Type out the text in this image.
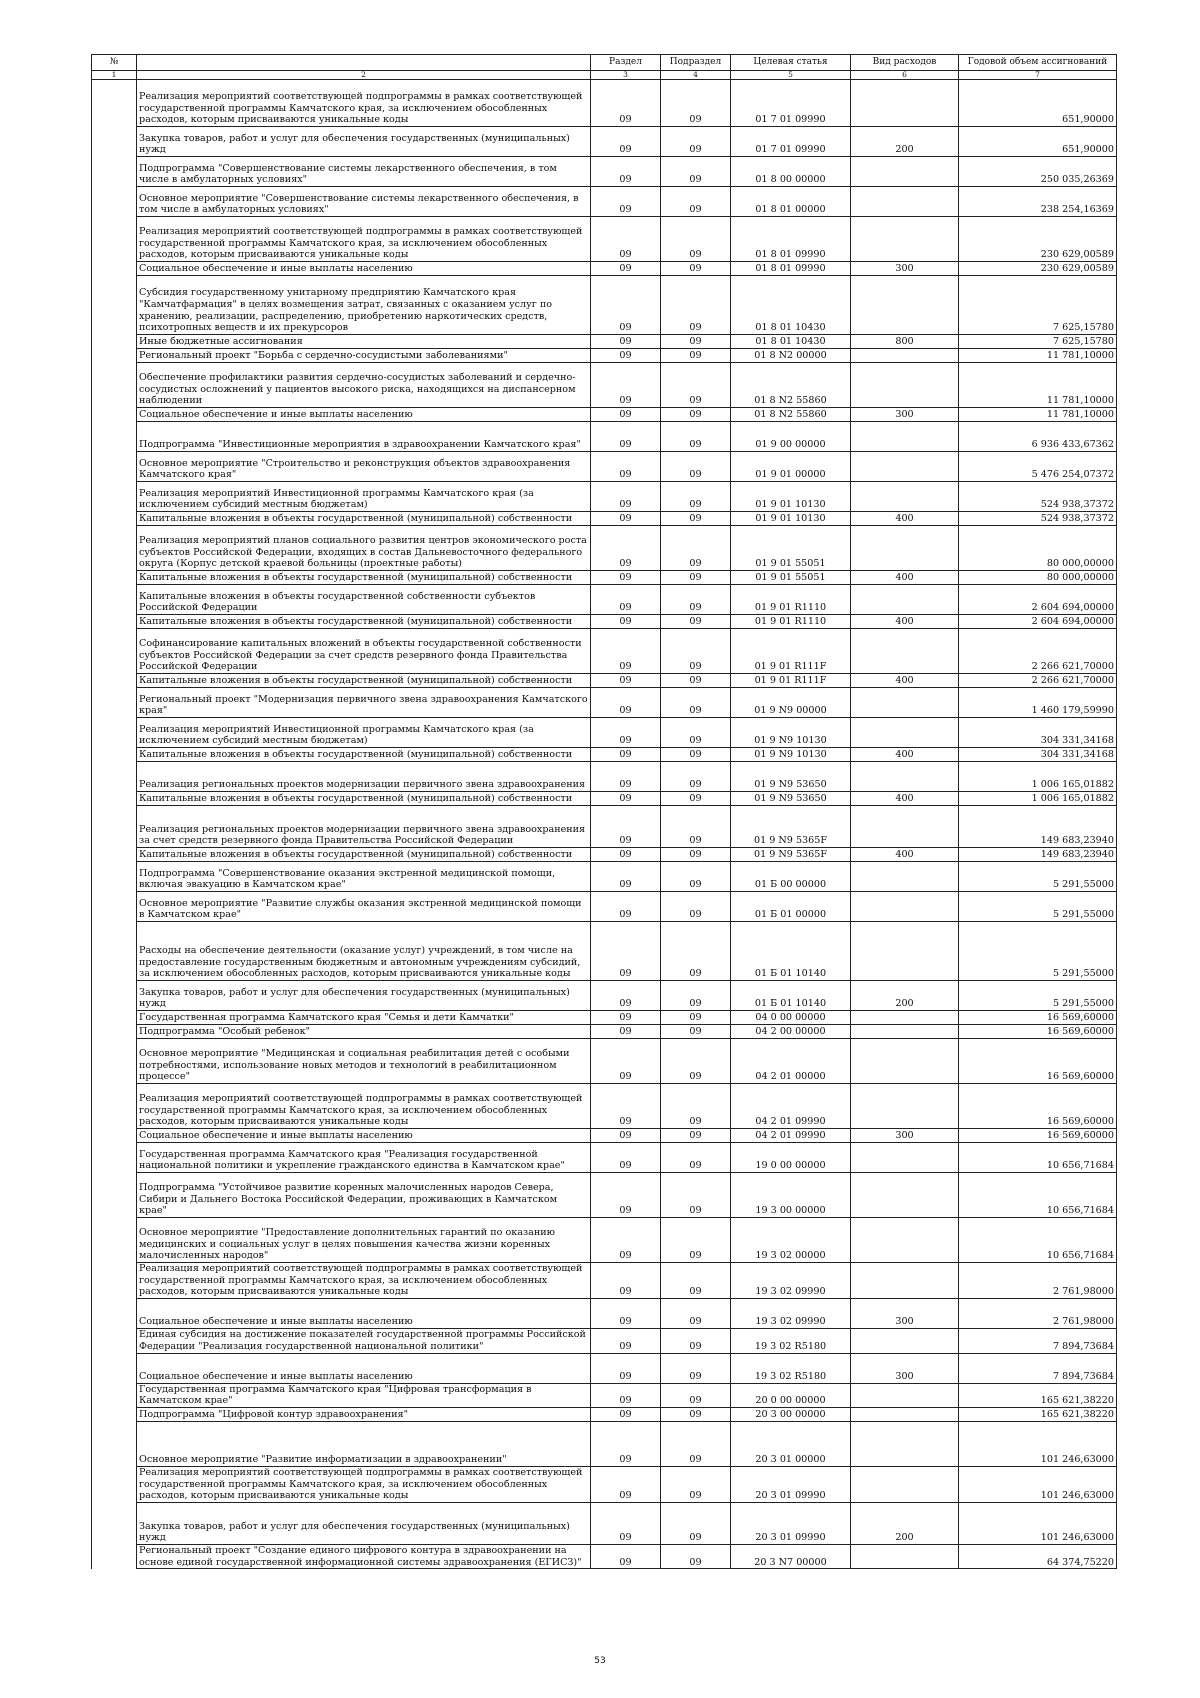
№		Раздел	Подраздел	Целевая статья	Вид расходов	Годовой объем ассигнований
1	2	3	4	5	6	7
	Реализация мероприятий соответствующей подпрограммы в рамках соответствующей государственной программы Камчатского края, за исключением обособленных расходов, которым присваиваются уникальные коды	09	09	01 7 01 09990		651,90000
	Закупка товаров, работ и услуг для обеспечения государственных (муниципальных) нужд	09	09	01 7 01 09990	200	651,90000
	Подпрограмма "Совершенствование системы лекарственного обеспечения, в том числе в амбулаторных условиях"	09	09	01 8 00 00000		250 035,26369
	Основное мероприятие "Совершенствование системы лекарственного обеспечения, в том числе в амбулаторных условиях"	09	09	01 8 01 00000		238 254,16369
	Реализация мероприятий соответствующей подпрограммы в рамках соответствующей государственной программы Камчатского края, за исключением обособленных расходов, которым присваиваются уникальные коды	09	09	01 8 01 09990		230 629,00589
	Социальное обеспечение и иные выплаты населению	09	09	01 8 01 09990	300	230 629,00589
	Субсидия государственному унитарному предприятию Камчатского края "Камчатфармация" в целях возмещения затрат, связанных с оказанием услуг по хранению, реализации, распределению, приобретению наркотических средств, психотропных веществ и их прекурсоров	09	09	01 8 01 10430		7 625,15780
	Иные бюджетные ассигнования	09	09	01 8 01 10430	800	7 625,15780
	Региональный проект "Борьба с сердечно-сосудистыми заболеваниями"	09	09	01 8 N2 00000		11 781,10000
	Обеспечение профилактики развития сердечно-сосудистых заболеваний и сердечно-сосудистых осложнений у пациентов высокого риска, находящихся на диспансерном наблюдении	09	09	01 8 N2 55860		11 781,10000
	Социальное обеспечение и иные выплаты населению	09	09	01 8 N2 55860	300	11 781,10000
	Подпрограмма "Инвестиционные мероприятия в здравоохранении Камчатского края"	09	09	01 9 00 00000		6 936 433,67362
	Основное мероприятие "Строительство и реконструкция объектов здравоохранения Камчатского края"	09	09	01 9 01 00000		5 476 254,07372
	Реализация мероприятий Инвестиционной программы Камчатского края (за исключением субсидий местным бюджетам)	09	09	01 9 01 10130		524 938,37372
	Капитальные вложения в объекты государственной (муниципальной) собственности	09	09	01 9 01 10130	400	524 938,37372
	Реализация мероприятий планов социального развития центров экономического роста субъектов Российской Федерации, входящих в состав Дальневосточного федерального округа (Корпус детской краевой больницы (проектные работы)	09	09	01 9 01 55051		80 000,00000
	Капитальные вложения в объекты государственной (муниципальной) собственности	09	09	01 9 01 55051	400	80 000,00000
	Капитальные вложения в объекты государственной собственности субъектов Российской Федерации	09	09	01 9 01 R1110		2 604 694,00000
	Капитальные вложения в объекты государственной (муниципальной) собственности	09	09	01 9 01 R1110	400	2 604 694,00000
	Софинансирование капитальных вложений в объекты государственной собственности субъектов Российской Федерации за счет средств резервного фонда Правительства Российской Федерации	09	09	01 9 01 R111F		2 266 621,70000
	Капитальные вложения в объекты государственной (муниципальной) собственности	09	09	01 9 01 R111F	400	2 266 621,70000
	Региональный проект "Модернизация первичного звена здравоохранения Камчатского края"	09	09	01 9 N9 00000		1 460 179,59990
	Реализация мероприятий Инвестиционной программы Камчатского края (за исключением субсидий местным бюджетам)	09	09	01 9 N9 10130		304 331,34168
	Капитальные вложения в объекты государственной (муниципальной) собственности	09	09	01 9 N9 10130	400	304 331,34168
	Реализация региональных проектов модернизации первичного звена здравоохранения	09	09	01 9 N9 53650		1 006 165,01882
	Капитальные вложения в объекты государственной (муниципальной) собственности	09	09	01 9 N9 53650	400	1 006 165,01882
	Реализация региональных проектов модернизации первичного звена здравоохранения за счет средств резервного фонда Правительства Российской Федерации	09	09	01 9 N9 5365F		149 683,23940
	Капитальные вложения в объекты государственной (муниципальной) собственности	09	09	01 9 N9 5365F	400	149 683,23940
	Подпрограмма "Совершенствование оказания экстренной медицинской помощи, включая эвакуацию в Камчатском крае"	09	09	01 Б 00 00000		5 291,55000
	Основное мероприятие "Развитие службы оказания экстренной медицинской помощи в Камчатском крае"	09	09	01 Б 01 00000		5 291,55000
	Расходы на обеспечение деятельности (оказание услуг) учреждений, в том числе на предоставление государственным бюджетным и автономным учреждениям субсидий, за исключением обособленных расходов, которым присваиваются уникальные коды	09	09	01 Б 01 10140		5 291,55000
	Закупка товаров, работ и услуг для обеспечения государственных (муниципальных) нужд	09	09	01 Б 01 10140	200	5 291,55000
	Государственная программа Камчатского края "Семья и дети Камчатки"	09	09	04 0 00 00000		16 569,60000
	Подпрограмма "Особый ребенок"	09	09	04 2 00 00000		16 569,60000
	Основное мероприятие "Медицинская и социальная реабилитация детей с особыми потребностями, использование новых методов и технологий в реабилитационном процессе"	09	09	04 2 01 00000		16 569,60000
	Реализация мероприятий соответствующей подпрограммы в рамках соответствующей государственной программы Камчатского края, за исключением обособленных расходов, которым присваиваются уникальные коды	09	09	04 2 01 09990		16 569,60000
	Социальное обеспечение и иные выплаты населению	09	09	04 2 01 09990	300	16 569,60000
	Государственная программа Камчатского края "Реализация государственной национальной политики и укрепление гражданского единства в Камчатском крае"	09	09	19 0 00 00000		10 656,71684
	Подпрограмма "Устойчивое развитие коренных малочисленных народов Севера, Сибири и Дальнего Востока Российской Федерации, проживающих в Камчатском крае"	09	09	19 3 00 00000		10 656,71684
	Основное мероприятие "Предоставление дополнительных гарантий по оказанию медицинских и социальных услуг в целях повышения качества жизни коренных малочисленных народов"	09	09	19 3 02 00000		10 656,71684
	Реализация мероприятий соответствующей подпрограммы в рамках соответствующей государственной программы Камчатского края, за исключением обособленных расходов, которым присваиваются уникальные коды	09	09	19 3 02 09990		2 761,98000
	Социальное обеспечение и иные выплаты населению	09	09	19 3 02 09990	300	2 761,98000
	Единая субсидия на достижение показателей государственной программы Российской Федерации "Реализация государственной национальной политики"	09	09	19 3 02 R5180		7 894,73684
	Социальное обеспечение и иные выплаты населению	09	09	19 3 02 R5180	300	7 894,73684
	Государственная программа Камчатского края "Цифровая трансформация в Камчатском крае"	09	09	20 0 00 00000		165 621,38220
	Подпрограмма "Цифровой контур здравоохранения"	09	09	20 3 00 00000		165 621,38220
	Основное мероприятие "Развитие информатизации в здравоохранении"	09	09	20 3 01 00000		101 246,63000
	Реализация мероприятий соответствующей подпрограммы в рамках соответствующей государственной программы Камчатского края, за исключением обособленных расходов, которым присваиваются уникальные коды	09	09	20 3 01 09990		101 246,63000
	Закупка товаров, работ и услуг для обеспечения государственных (муниципальных) нужд	09	09	20 3 01 09990	200	101 246,63000
	Региональный проект "Создание единого цифрового контура в здравоохранении на основе единой государственной информационной системы здравоохранения (ЕГИСЗ)"	09	09	20 3 N7 00000		64 374,75220
53
